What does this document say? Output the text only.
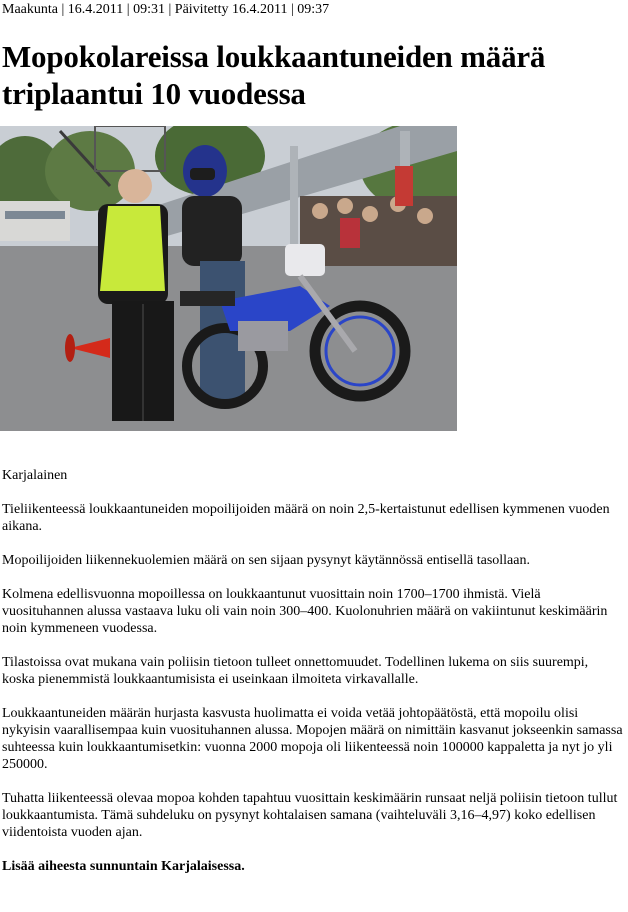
Maakunta | 16.4.2011 | 09:31 | Päivitetty 16.4.2011 | 09:37
Mopokolareissa loukkaantuneiden määrä triplaantui 10 vuodessa

Karjalainen

Tieliikenteessä loukkaantuneiden mopoilijoiden määrä on noin 2,5-kertaistunut edellisen kymmenen vuoden aikana.

Mopoilijoiden liikennekuolemien määrä on sen sijaan pysynyt käytännössä entisellä tasollaan.

Kolmena edellisvuonna mopoillessa on loukkaantunut vuosittain noin 1700–1700 ihmistä. Vielä vuosituhannen alussa vastaava luku oli vain noin 300–400. Kuolonuhrien määrä on vakiintunut keskimäärin noin kymmeneen vuodessa.

Tilastoissa ovat mukana vain poliisin tietoon tulleet onnettomuudet. Todellinen lukema on siis suurempi, koska pienemmistä loukkaantumisista ei useinkaan ilmoiteta virkavallalle.

Loukkaantuneiden määrän hurjasta kasvusta huolimatta ei voida vetää johtopäätöstä, että mopoilu olisi nykyisin vaarallisempaa kuin vuosituhannen alussa. Mopojen määrä on nimittäin kasvanut jokseenkin samassa suhteessa kuin loukkaantumisetkin: vuonna 2000 mopoja oli liikenteessä noin 100000 kappaletta ja nyt jo yli 250000.

Tuhatta liikenteessä olevaa mopoa kohden tapahtuu vuosittain keskimäärin runsaat neljä poliisin tietoon tullut loukkaantumista. Tämä suhdeluku on pysynyt kohtalaisen samana (vaihteluväli 3,16–4,97) koko edellisen viidentoista vuoden ajan.

Lisää aiheesta sunnuntain Karjalaisessa.
